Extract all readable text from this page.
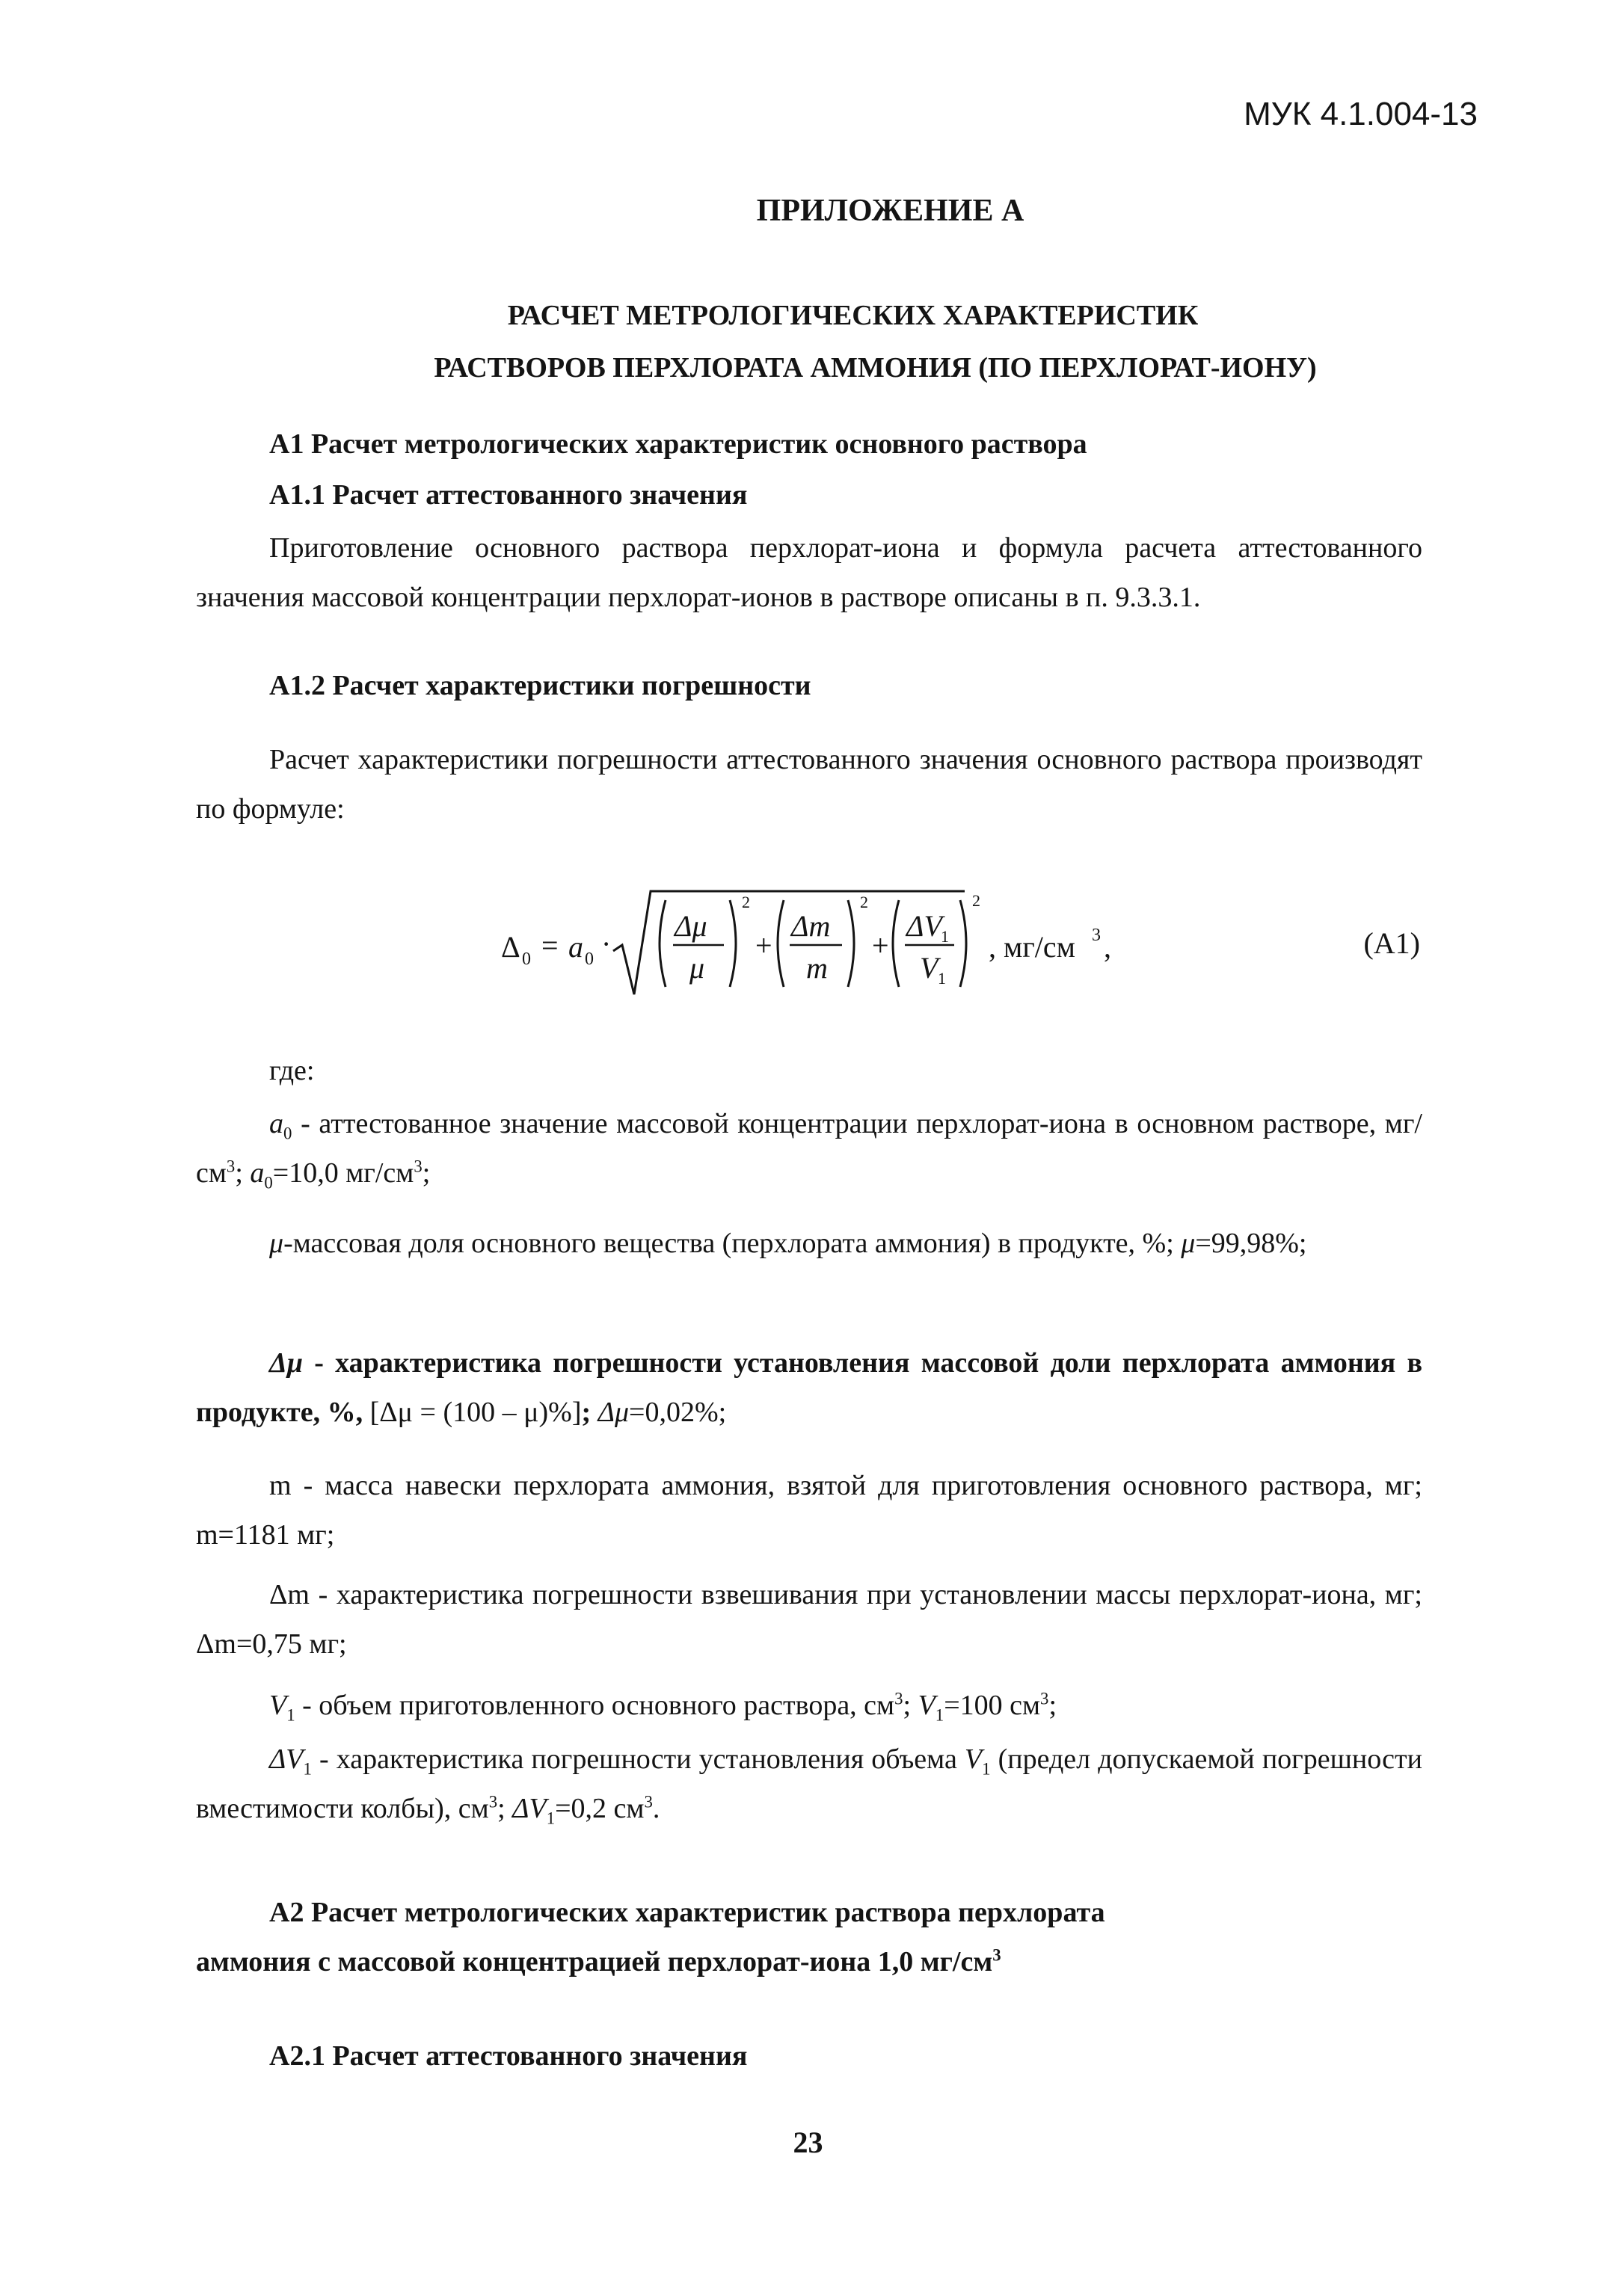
МУК 4.1.004-13
ПРИЛОЖЕНИЕ А
РАСЧЕТ МЕТРОЛОГИЧЕСКИХ ХАРАКТЕРИСТИК
РАСТВОРОВ ПЕРХЛОРАТА АММОНИЯ (ПО ПЕРХЛОРАТ-ИОНУ)
А1 Расчет метрологических характеристик основного раствора
А1.1 Расчет аттестованного значения
Приготовление основного раствора перхлорат-иона и формула расчета аттестованного значения массовой концентрации перхлорат-ионов в растворе описаны в п. 9.3.3.1.
А1.2 Расчет характеристики погрешности
Расчет характеристики погрешности аттестованного значения основного раствора производят по формуле:
Δ 0 = a 0 ·
Δμ
μ
2
+
Δm
m
2
+
ΔV
1
V 1
2
, мг/см 3 ,	(А1)
где:
$a_0$ - аттестованное значение массовой концентрации перхлорат-иона в основном растворе, $мг/см^3$; $a_0=10,0$ $мг/см^3$;
μ-массовая доля основного вещества (перхлората аммония) в продукте, %; μ=99,98%;
Δμ - характеристика погрешности установления массовой доли перхлората аммония в продукте, %, [Δμ = (100 – μ)%]; Δμ=0,02%;
m - масса навески перхлората аммония, взятой для приготовления основного раствора, мг; m=1181 мг;
Δm - характеристика погрешности взвешивания при установлении массы перхлорат-иона, мг; Δm=0,75 мг;
$V_1$ - объем приготовленного основного раствора, $см^3$; $V_1=100$ $см^3$;
$\Delta V_1$ - характеристика погрешности установления объема $V_1$ (предел допускаемой погрешности вместимости колбы), $см^3$; $\Delta V_1=0,2$ $см^3$.
А2 Расчет метрологических характеристик раствора перхлората
аммония с массовой концентрацией перхлорат-иона 1,0 $мг/см^3$
А2.1 Расчет аттестованного значения
23
